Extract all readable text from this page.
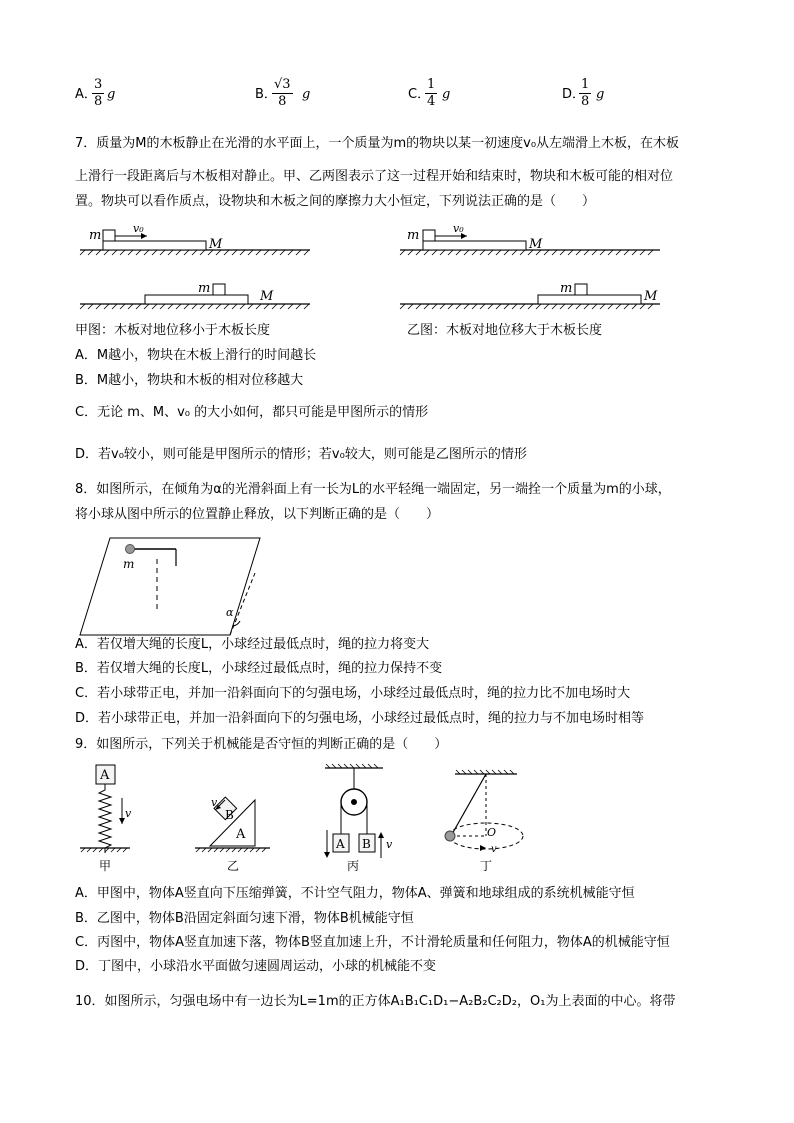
A．
$\frac{3}{8}$ g	B．
$\frac{√3}{8}$ g	C．
$\frac{1}{4}$ g	D．
$\frac{1}{8}$ g
7．质量为M的木板静止在光滑的水平面上，一个质量为m的物块以某一初速度v₀从左端滑上木板，在木板
上滑行一段距离后与木板相对静止。甲、乙两图表示了这一过程开始和结束时，物块和木板可能的相对位
置。物块可以看作质点，设物块和木板之间的摩擦力大小恒定，下列说法正确的是（　　）
m	v₀
M
m
M
m	v₀
M
m
M
甲图：木板对地位移小于木板长度	乙图：木板对地位移大于木板长度
A．M越小，物块在木板上滑行的时间越长
B．M越小，物块和木板的相对位移越大
C．无论 m、M、v₀ 的大小如何，都只可能是甲图所示的情形
D．若v₀较小，则可能是甲图所示的情形；若v₀较大，则可能是乙图所示的情形
8．如图所示，在倾角为α的光滑斜面上有一长为L的水平轻绳一端固定，另一端拴一个质量为m的小球，
将小球从图中所示的位置静止释放，以下判断正确的是（　　）
m
α
A．若仅增大绳的长度L，小球经过最低点时，绳的拉力将变大
B．若仅增大绳的长度L，小球经过最低点时，绳的拉力保持不变
C．若小球带正电，并加一沿斜面向下的匀强电场，小球经过最低点时，绳的拉力比不加电场时大
D．若小球带正电，并加一沿斜面向下的匀强电场，小球经过最低点时，绳的拉力与不加电场时相等
9．如图所示，下列关于机械能是否守恒的判断正确的是（　　）
A
v
甲
A
B
v
乙
A B v
丙
O
v
丁
A．甲图中，物体A竖直向下压缩弹簧，不计空气阻力，物体A、弹簧和地球组成的系统机械能守恒
B．乙图中，物体B沿固定斜面匀速下滑，物体B机械能守恒
C．丙图中，物体A竖直加速下落，物体B竖直加速上升，不计滑轮质量和任何阻力，物体A的机械能守恒
D．丁图中，小球沿水平面做匀速圆周运动，小球的机械能不变
10．如图所示，匀强电场中有一边长为L=1m的正方体A₁B₁C₁D₁−A₂B₂C₂D₂，O₁为上表面的中心。将带
